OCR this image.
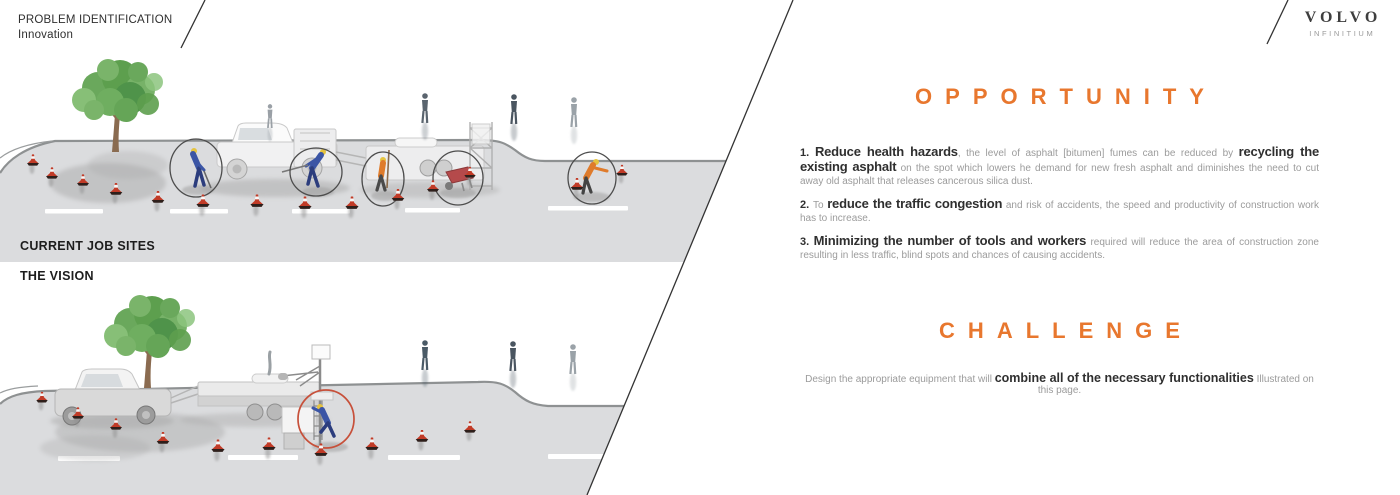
PROBLEM IDENTIFICATION
Innovation
VOLVO
INFINITIUM
CURRENT JOB SITES
THE VISION
OPPORTUNITY

1. Reduce health hazards, the level of asphalt [bitumen] fumes can be reduced by recycling the existing asphalt on the spot which lowers he demand for new fresh asphalt and diminishes the need to cut away old asphalt that releases cancerous silica dust.

2. To reduce the traffic congestion and risk of accidents, the speed and productivity of construction work has to increase.

3. Minimizing the number of tools and workers required will reduce the area of construction zone resulting in less traffic, blind spots and chances of causing accidents.

CHALLENGE

Design the appropriate equipment that will combine all of the necessary functionalities Illustrated on this page.
